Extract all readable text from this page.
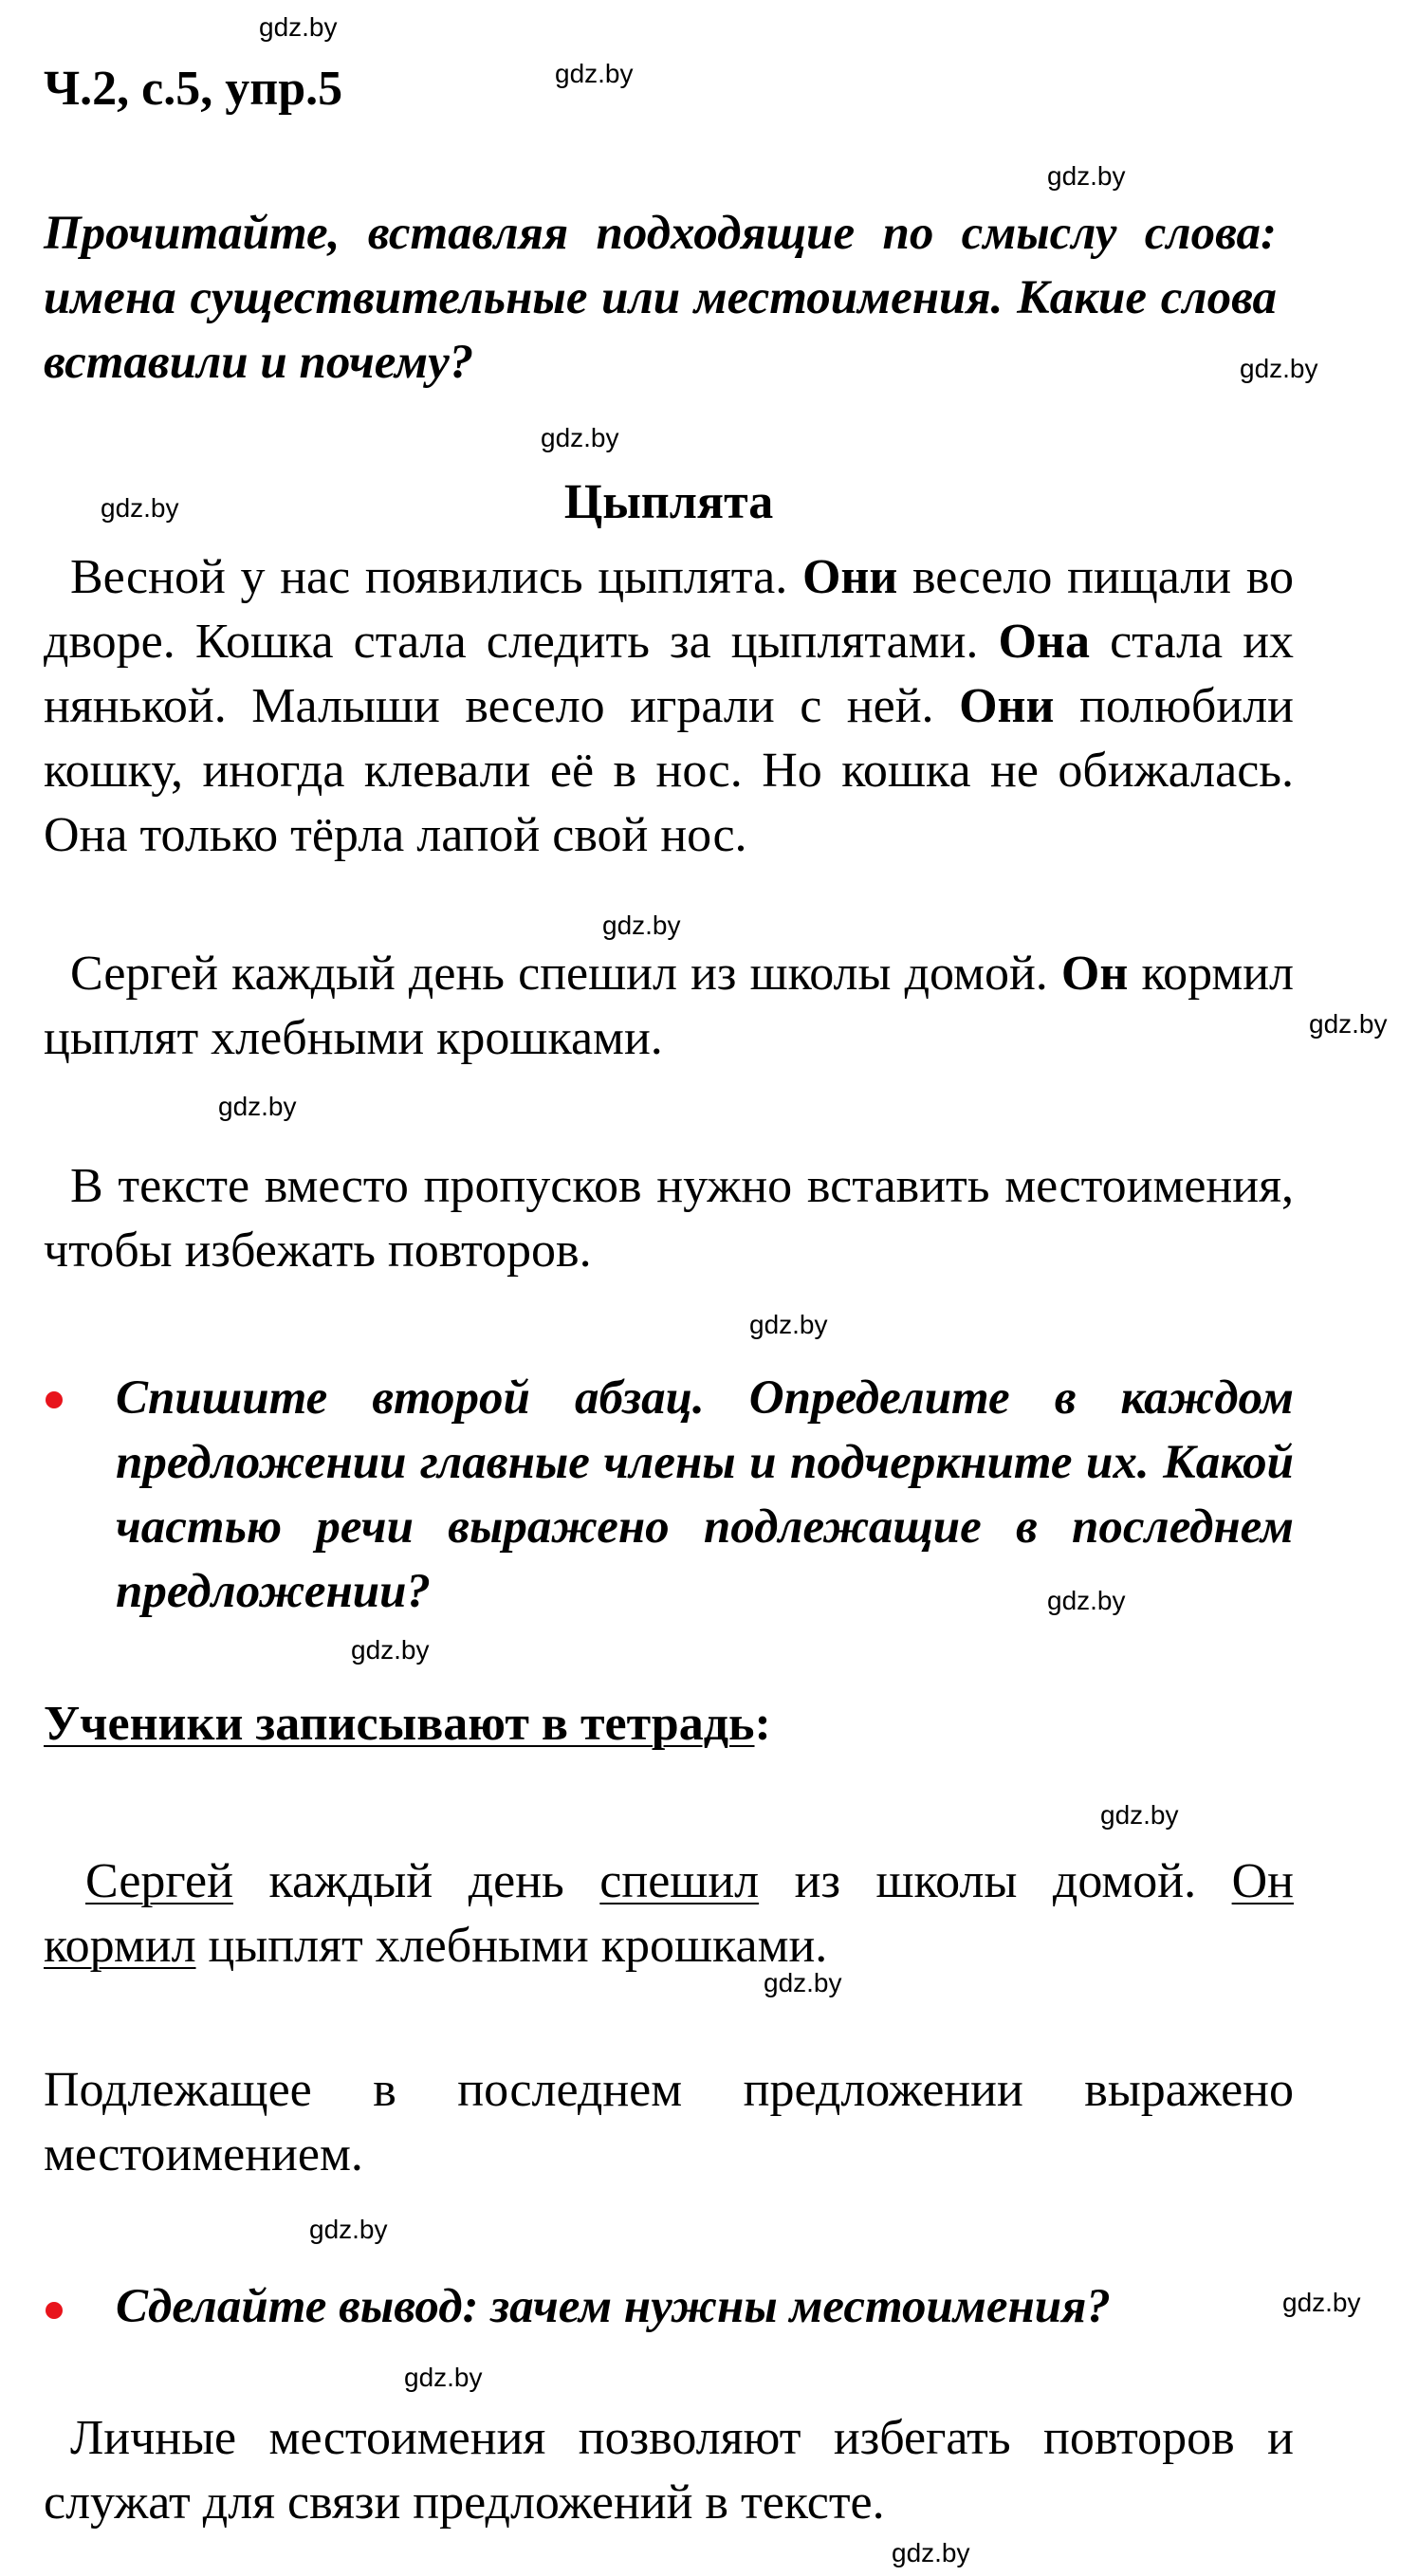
gdz.by
gdz.by
gdz.by
gdz.by
gdz.by
gdz.by
gdz.by
gdz.by
gdz.by
gdz.by
gdz.by
gdz.by
gdz.by
gdz.by
gdz.by
gdz.by
gdz.by
gdz.by
Ч.2, с.5, упр.5
Прочитайте, вставляя подходящие по смыслу слова: имена существительные или местоимения. Какие слова вставили и почему?
Цыплята
Весной у нас появились цыплята. Они весело пищали во дворе. Кошка стала следить за цыплятами. Она стала их нянькой. Малыши весело играли с ней. Они полюбили кошку, иногда клевали её в нос. Но кошка не обижалась. Она только тёрла лапой свой нос.
Сергей каждый день спешил из школы домой. Он кормил цыплят хлебными крошками.
В тексте вместо пропусков нужно вставить местоимения, чтобы избежать повторов.
Спишите второй абзац. Определите в каждом предложении главные члены и подчеркните их. Какой частью речи выражено подлежащие в последнем предложении?
Ученики записывают в тетрадь:
Сергей каждый день спешил из школы домой. Он кормил цыплят хлебными крошками.
Подлежащее в последнем предложении выражено местоимением.
Сделайте вывод: зачем нужны местоимения?
Личные местоимения позволяют избегать повторов и служат для связи предложений в тексте.
